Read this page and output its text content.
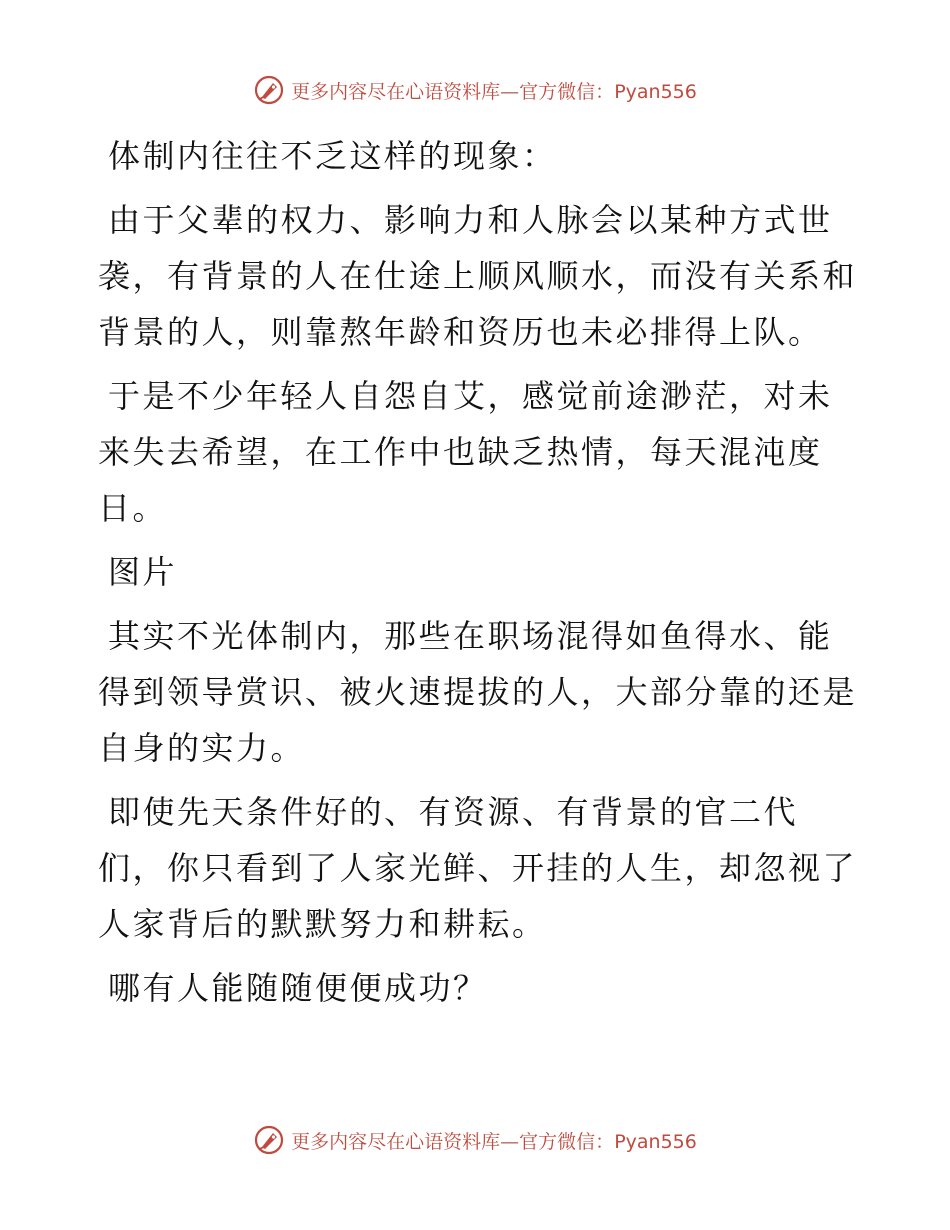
更多内容尽在心语资料库—官方微信：Pyan556

体制内往往不乏这样的现象：

由于父辈的权力、影响力和人脉会以某种方式世袭，有背景的人在仕途上顺风顺水，而没有关系和背景的人，则靠熬年龄和资历也未必排得上队。

于是不少年轻人自怨自艾，感觉前途渺茫，对未来失去希望，在工作中也缺乏热情，每天混沌度日。

图片

其实不光体制内，那些在职场混得如鱼得水、能得到领导赏识、被火速提拔的人，大部分靠的还是自身的实力。

即使先天条件好的、有资源、有背景的官二代们，你只看到了人家光鲜、开挂的人生，却忽视了人家背后的默默努力和耕耘。

哪有人能随随便便成功？

更多内容尽在心语资料库—官方微信：Pyan556
